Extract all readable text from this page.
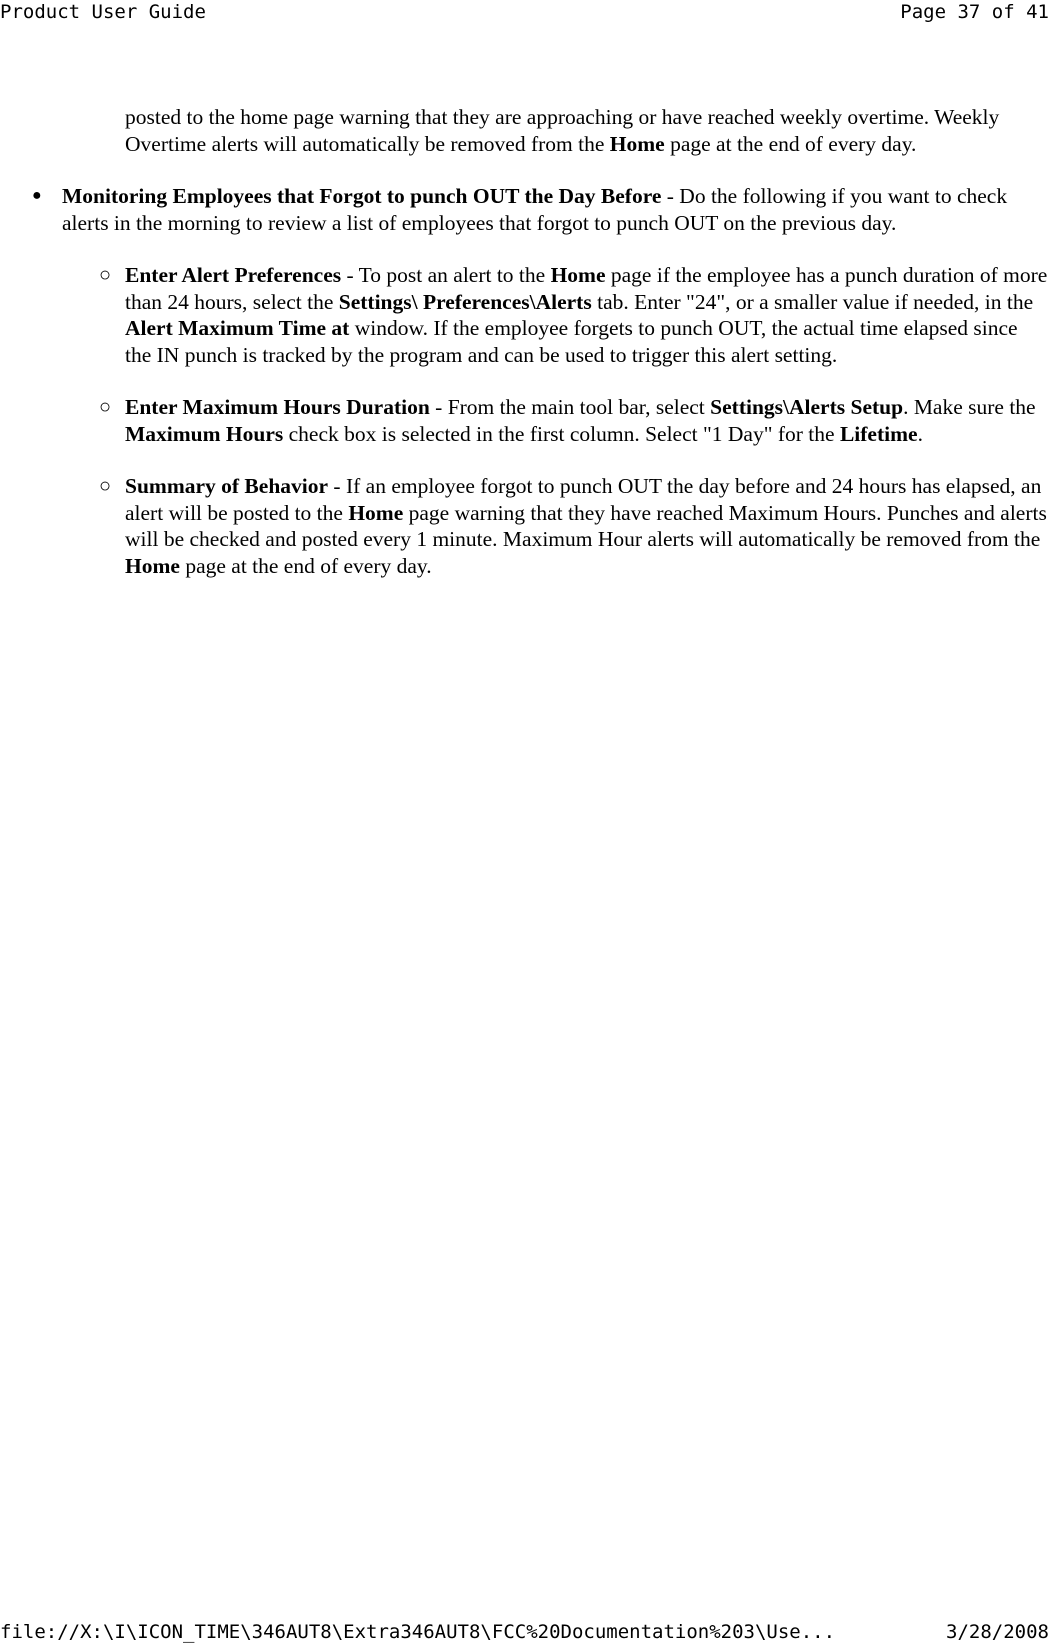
Product User Guide	Page 37 of 41

posted to the home page warning that they are approaching or have reached weekly overtime. Weekly Overtime alerts will automatically be removed from the Home page at the end of every day.

● Monitoring Employees that Forgot to punch OUT the Day Before - Do the following if you want to check alerts in the morning to review a list of employees that forgot to punch OUT on the previous day.
○ Enter Alert Preferences - To post an alert to the Home page if the employee has a punch duration of more than 24 hours, select the Settings\ Preferences\Alerts tab. Enter "24", or a smaller value if needed, in the Alert Maximum Time at window. If the employee forgets to punch OUT, the actual time elapsed since the IN punch is tracked by the program and can be used to trigger this alert setting.
○ Enter Maximum Hours Duration - From the main tool bar, select Settings\Alerts Setup. Make sure the Maximum Hours check box is selected in the first column. Select "1 Day" for the Lifetime.
○ Summary of Behavior - If an employee forgot to punch OUT the day before and 24 hours has elapsed, an alert will be posted to the Home page warning that they have reached Maximum Hours. Punches and alerts will be checked and posted every 1 minute. Maximum Hour alerts will automatically be removed from the Home page at the end of every day.
file://X:\I\ICON_TIME\346AUT8\Extra346AUT8\FCC%20Documentation%203\Use...	3/28/2008
